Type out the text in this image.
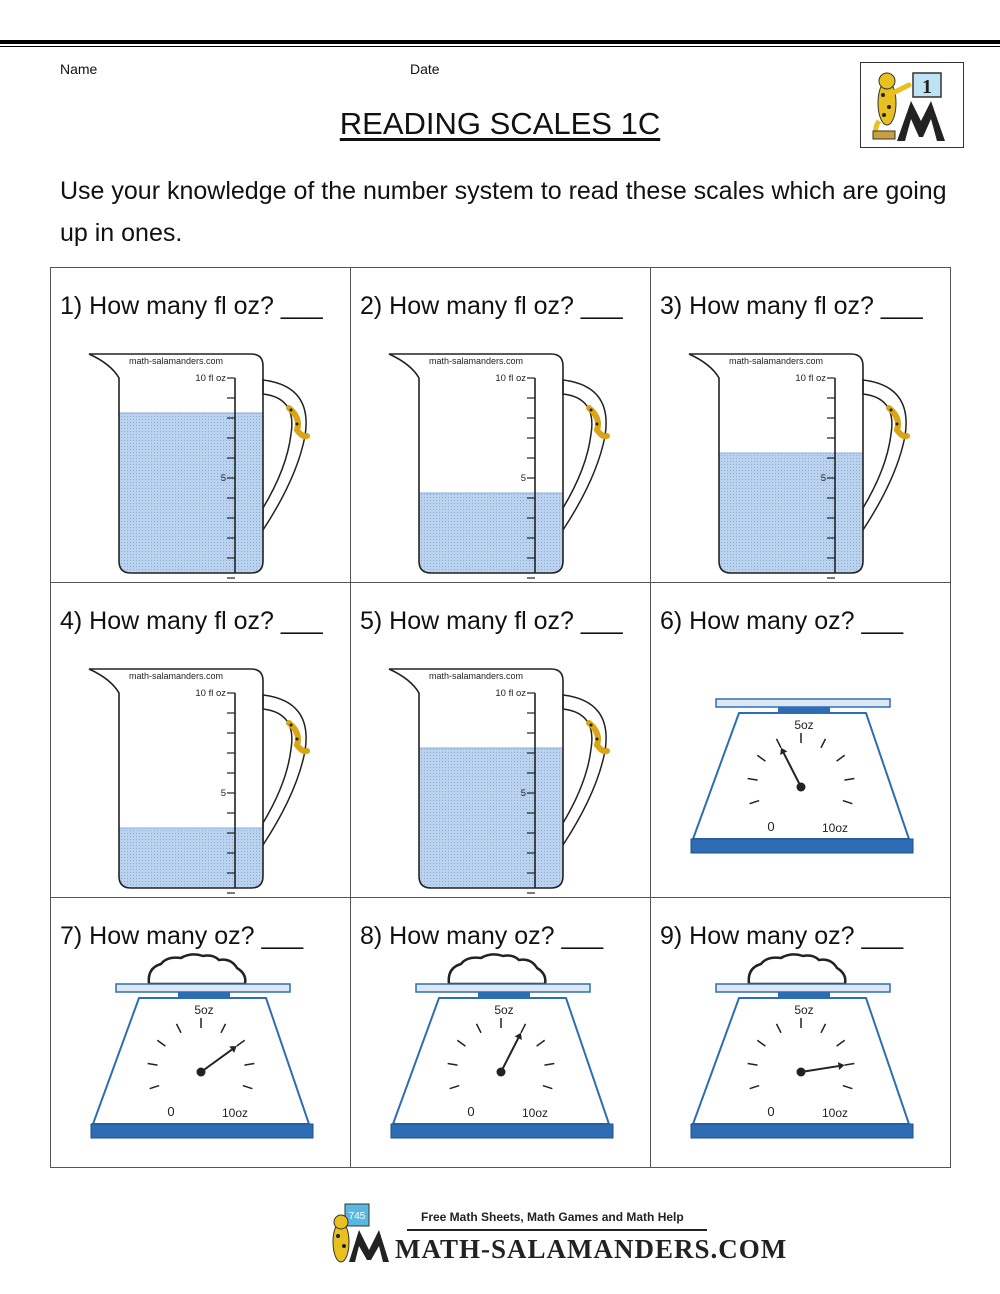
Name	Date
1
READING SCALES 1C
Use your knowledge of the number system to read these scales which are going up in ones.
1) How many fl oz? ___
math-salamanders.com
10 fl oz
5
2) How many fl oz? ___
math-salamanders.com
10 fl oz
5
3) How many fl oz? ___
math-salamanders.com
10 fl oz
5
4) How many fl oz? ___
math-salamanders.com
10 fl oz
5
5) How many fl oz? ___
math-salamanders.com
10 fl oz
5
6) How many oz? ___
5oz
0	10oz
7) How many oz? ___
5oz
0	10oz
8) How many oz? ___
5oz
0	10oz
9) How many oz? ___
5oz
0	10oz
745	Free Math Sheets, Math Games and Math Help
MATH-SALAMANDERS.COM
